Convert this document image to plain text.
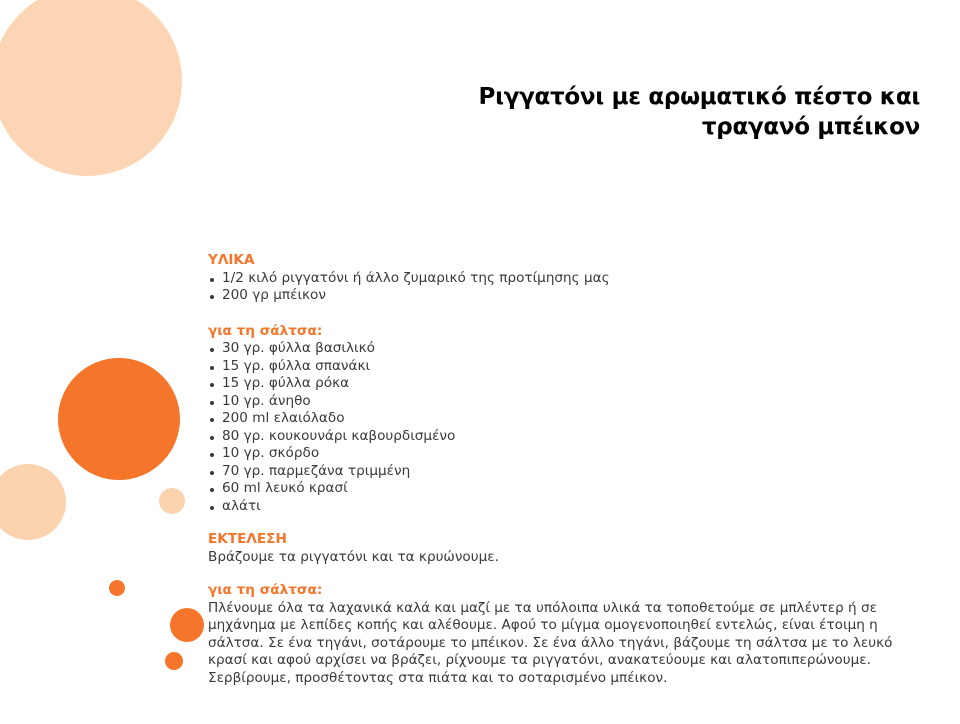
Ριγγατόνι με αρωματικό πέστο και
τραγανό μπέικον
ΥΛΙΚΑ
1/2 κιλό ριγγατόνι ή άλλο ζυμαρικό της προτίμησης μας
200 γρ μπέικον
για τη σάλτσα:
30 γρ. φύλλα βασιλικό
15 γρ. φύλλα σπανάκι
15 γρ. φύλλα ρόκα
10 γρ. άνηθο
200 ml ελαιόλαδο
80 γρ. κουκουνάρι καβουρδισμένο
10 γρ. σκόρδο
70 γρ. παρμεζάνα τριμμένη
60 ml λευκό κρασί
αλάτι
ΕΚΤΕΛΕΣΗ

Βράζουμε τα ριγγατόνι και τα κρυώνουμε.

για τη σάλτσα:

Πλένουμε όλα τα λαχανικά καλά και μαζί με τα υπόλοιπα υλικά τα τοποθετούμε σε μπλέντερ ή σε μηχάνημα με λεπίδες κοπής και αλέθουμε. Αφού το μίγμα ομογενοποιηθεί εντελώς, είναι έτοιμη η σάλτσα. Σε ένα τηγάνι, σοτάρουμε το μπέικον. Σε ένα άλλο τηγάνι, βάζουμε τη σάλτσα με το λευκό κρασί και αφού αρχίσει να βράζει, ρίχνουμε τα ριγγατόνι, ανακατεύουμε και αλατοπιπερώνουμε. Σερβίρουμε, προσθέτοντας στα πιάτα και το σοταρισμένο μπέικον.
